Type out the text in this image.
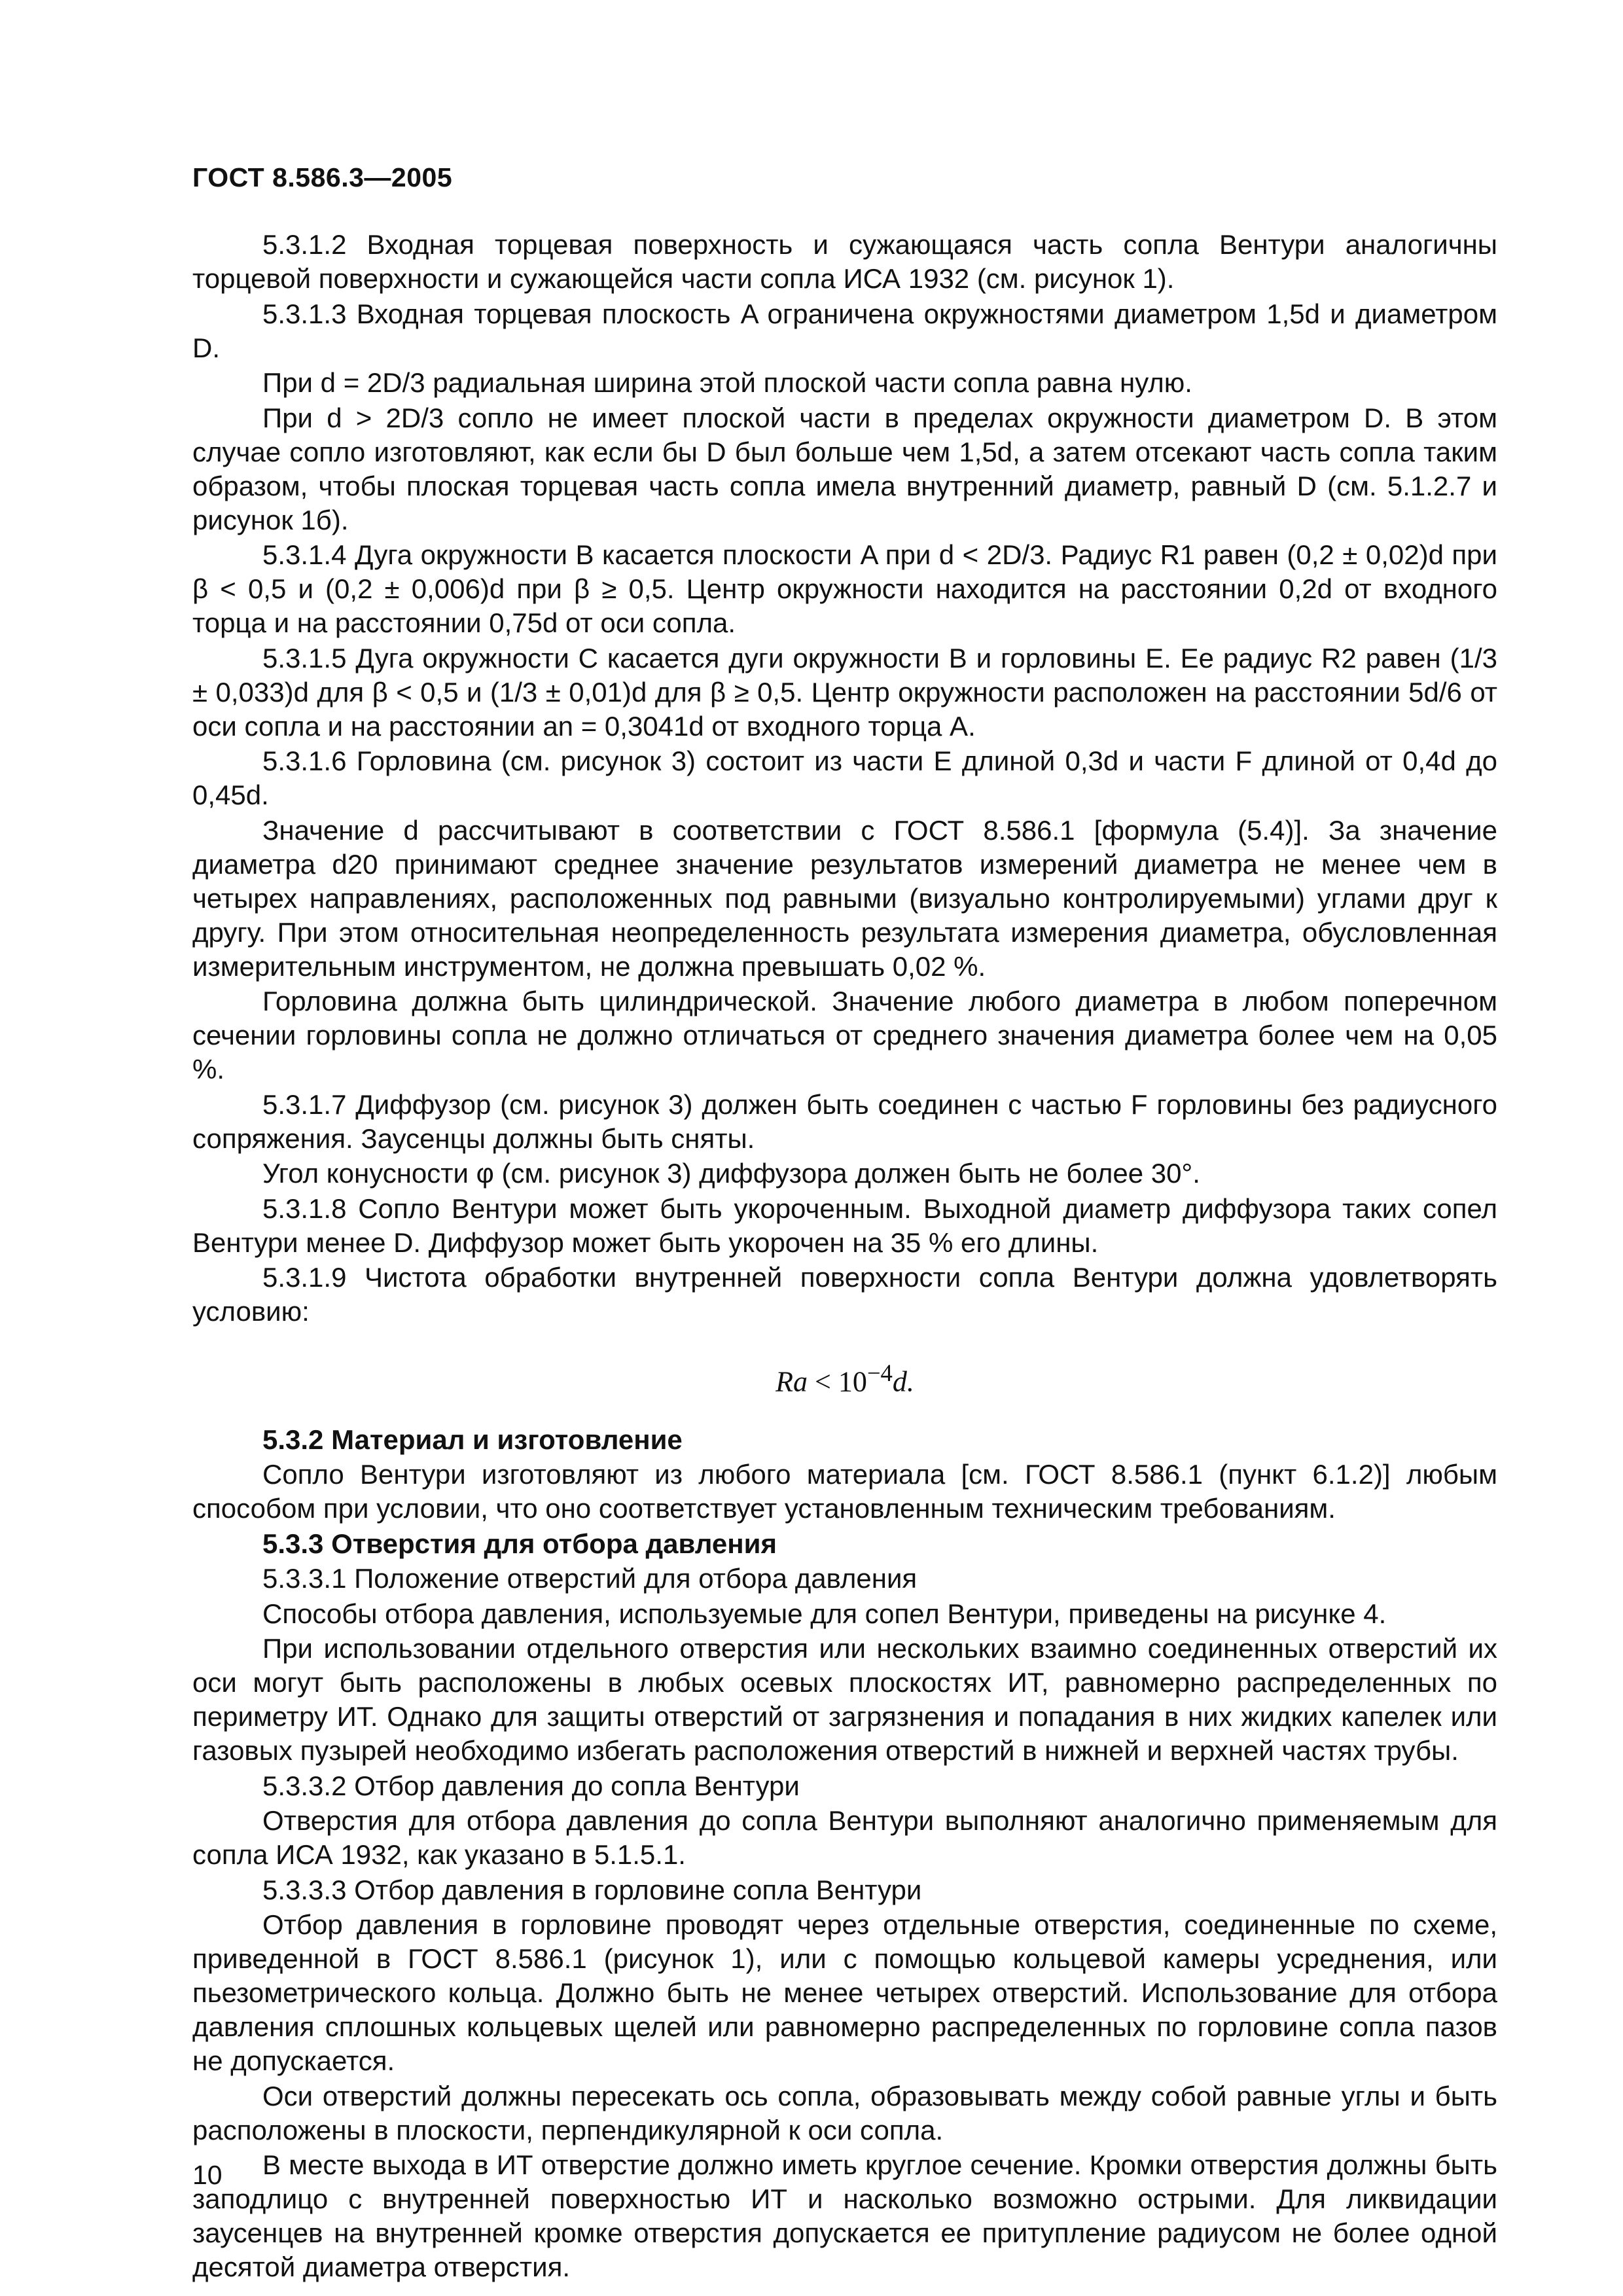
ГОСТ 8.586.3—2005

5.3.1.2 Входная торцевая поверхность и сужающаяся часть сопла Вентури аналогичны торцевой поверхности и сужающейся части сопла ИСА 1932 (см. рисунок 1).

5.3.1.3 Входная торцевая плоскость A ограничена окружностями диаметром 1,5d и диаметром D.

При d = 2D/3 радиальная ширина этой плоской части сопла равна нулю.

При d > 2D/3 сопло не имеет плоской части в пределах окружности диаметром D. В этом случае сопло изготовляют, как если бы D был больше чем 1,5d, а затем отсекают часть сопла таким образом, чтобы плоская торцевая часть сопла имела внутренний диаметр, равный D (см. 5.1.2.7 и рисунок 1б).

5.3.1.4 Дуга окружности B касается плоскости A при d < 2D/3. Радиус R1 равен (0,2 ± 0,02)d при β < 0,5 и (0,2 ± 0,006)d при β ≥ 0,5. Центр окружности находится на расстоянии 0,2d от входного торца и на расстоянии 0,75d от оси сопла.

5.3.1.5 Дуга окружности C касается дуги окружности B и горловины E. Ее радиус R2 равен (1/3 ± 0,033)d для β < 0,5 и (1/3 ± 0,01)d для β ≥ 0,5. Центр окружности расположен на расстоянии 5d/6 от оси сопла и на расстоянии an = 0,3041d от входного торца A.

5.3.1.6 Горловина (см. рисунок 3) состоит из части E длиной 0,3d и части F длиной от 0,4d до 0,45d.

Значение d рассчитывают в соответствии с ГОСТ 8.586.1 [формула (5.4)]. За значение диаметра d20 принимают среднее значение результатов измерений диаметра не менее чем в четырех направлениях, расположенных под равными (визуально контролируемыми) углами друг к другу. При этом относительная неопределенность результата измерения диаметра, обусловленная измерительным инструментом, не должна превышать 0,02 %.

Горловина должна быть цилиндрической. Значение любого диаметра в любом поперечном сечении горловины сопла не должно отличаться от среднего значения диаметра более чем на 0,05 %.

5.3.1.7 Диффузор (см. рисунок 3) должен быть соединен с частью F горловины без радиусного сопряжения. Заусенцы должны быть сняты.

Угол конусности φ (см. рисунок 3) диффузора должен быть не более 30°.

5.3.1.8 Сопло Вентури может быть укороченным. Выходной диаметр диффузора таких сопел Вентури менее D. Диффузор может быть укорочен на 35 % его длины.

5.3.1.9 Чистота обработки внутренней поверхности сопла Вентури должна удовлетворять условию:

$Ra < 10^{-4}d$.

5.3.2 Материал и изготовление

Сопло Вентури изготовляют из любого материала [см. ГОСТ 8.586.1 (пункт 6.1.2)] любым способом при условии, что оно соответствует установленным техническим требованиям.

5.3.3 Отверстия для отбора давления

5.3.3.1 Положение отверстий для отбора давления

Способы отбора давления, используемые для сопел Вентури, приведены на рисунке 4.

При использовании отдельного отверстия или нескольких взаимно соединенных отверстий их оси могут быть расположены в любых осевых плоскостях ИТ, равномерно распределенных по периметру ИТ. Однако для защиты отверстий от загрязнения и попадания в них жидких капелек или газовых пузырей необходимо избегать расположения отверстий в нижней и верхней частях трубы.

5.3.3.2 Отбор давления до сопла Вентури

Отверстия для отбора давления до сопла Вентури выполняют аналогично применяемым для сопла ИСА 1932, как указано в 5.1.5.1.

5.3.3.3 Отбор давления в горловине сопла Вентури

Отбор давления в горловине проводят через отдельные отверстия, соединенные по схеме, приведенной в ГОСТ 8.586.1 (рисунок 1), или с помощью кольцевой камеры усреднения, или пьезометрического кольца. Должно быть не менее четырех отверстий. Использование для отбора давления сплошных кольцевых щелей или равномерно распределенных по горловине сопла пазов не допускается.

Оси отверстий должны пересекать ось сопла, образовывать между собой равные углы и быть расположены в плоскости, перпендикулярной к оси сопла.

В месте выхода в ИТ отверстие должно иметь круглое сечение. Кромки отверстия должны быть заподлицо с внутренней поверхностью ИТ и насколько возможно острыми. Для ликвидации заусенцев на внутренней кромке отверстия допускается ее притупление радиусом не более одной десятой диаметра отверстия.

10
